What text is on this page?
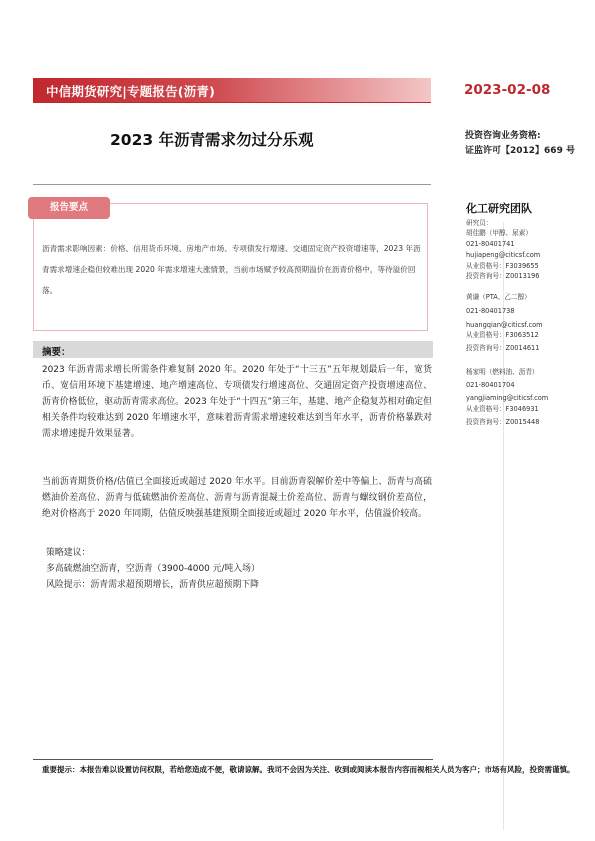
中信期货研究|专题报告(沥青)	2023-02-08
2023 年沥青需求勿过分乐观	投资咨询业务资格:
证监许可【2012】669 号
报告要点
沥青需求影响因素：价格、信用货币环境、房地产市场、专项债发行增速、交通固定资产投资增速等，2023 年沥青需求增速企稳但较难出现 2020 年需求增速大涨情景，当前市场赋予较高预期溢价在沥青价格中，等待溢价回落。
摘要：
2023 年沥青需求增长所需条件难复制 2020 年。2020 年处于“十三五”五年规划最后一年，宽货币、宽信用环境下基建增速、地产增速高位、专项债发行增速高位、交通固定资产投资增速高位、沥青价格低位，驱动沥青需求高位。2023 年处于“十四五”第三年，基建、地产企稳复苏相对确定但相关条件均较难达到 2020 年增速水平，意味着沥青需求增速较难达到当年水平，沥青价格暴跌对需求增速提升效果显著。
当前沥青期货价格/估值已全面接近或超过 2020 年水平。目前沥青裂解价差中等偏上、沥青与高硫燃油价差高位、沥青与低硫燃油价差高位、沥青与沥青混凝土价差高位、沥青与螺纹钢价差高位，绝对价格高于 2020 年同期，估值反映强基建预期全面接近或超过 2020 年水平，估值溢价较高。
策略建议：
多高硫燃油空沥青，空沥青（3900-4000 元/吨入场）
风险提示：沥青需求超预期增长，沥青供应超预期下降
化工研究团队
研究员：
胡佳鹏（甲醇、尿素）
021-80401741
hujiapeng@citicsf.com
从业资格号：F3039655
投资咨询号：Z0013196
黄谦（PTA、乙二醇）
021-80401738
huangqian@citicsf.com
从业资格号：F3063512
投资咨询号：Z0014611
杨家明（燃料油、沥青）
021-80401704
yangjiaming@citicsf.com
从业资格号：F3046931
投资咨询号：Z0015448
重要提示：本报告难以设置访问权限，若给您造成不便，敬请谅解。我司不会因为关注、收到或阅读本报告内容而视相关人员为客户；市场有风险，投资需谨慎。
